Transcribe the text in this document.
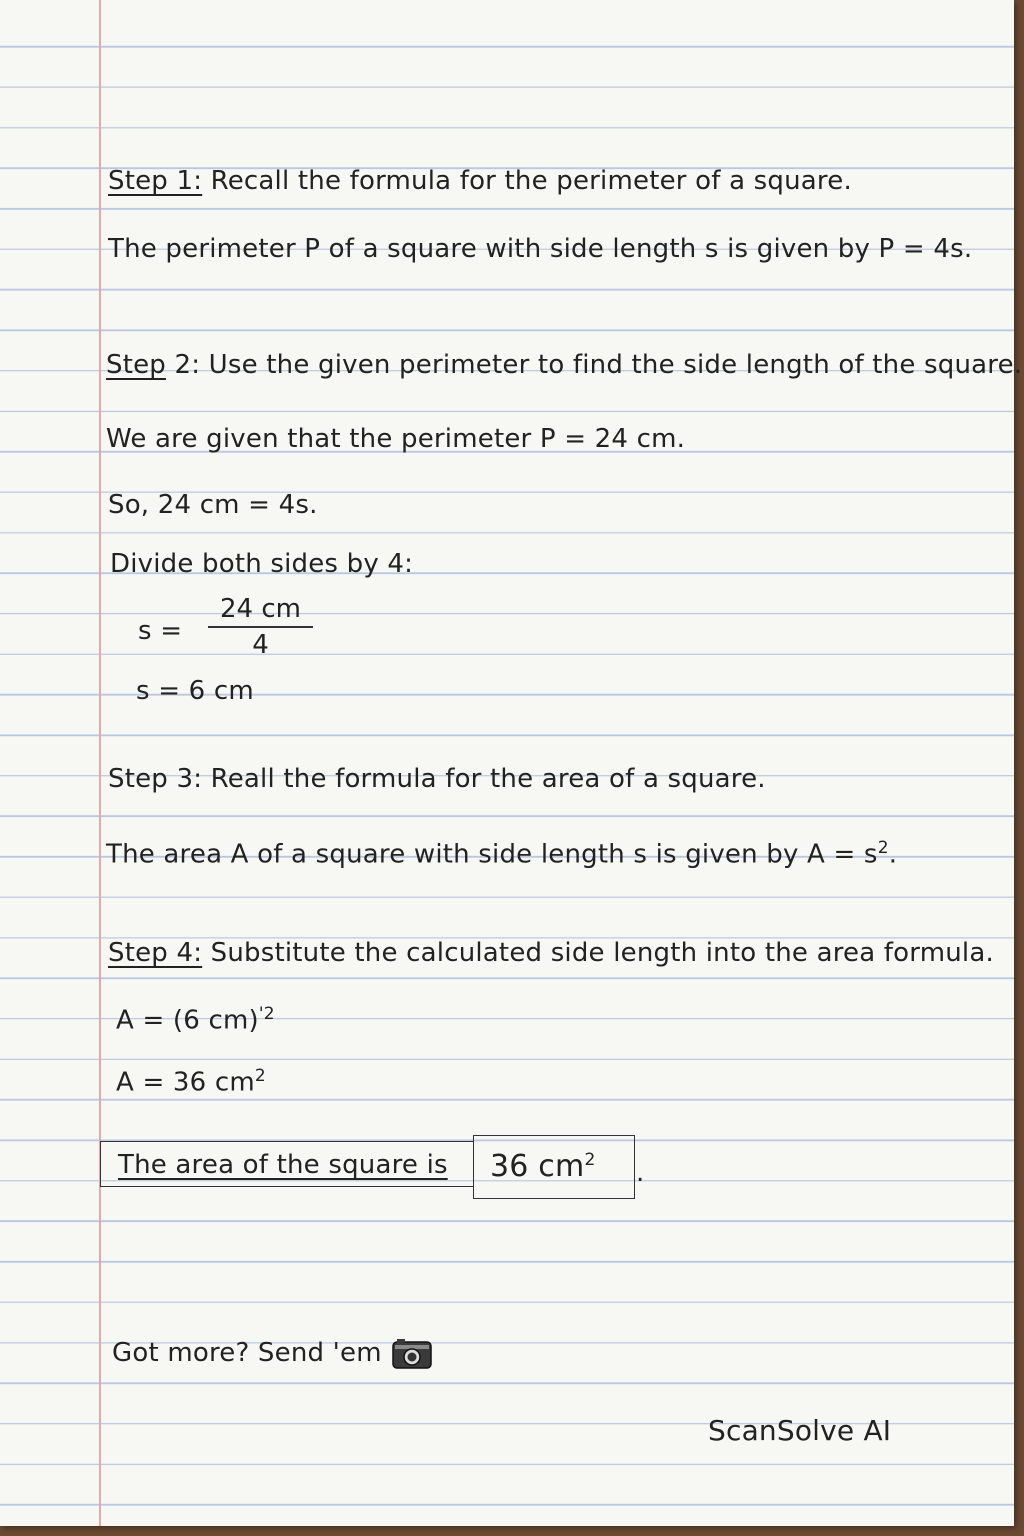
Step 1: Recall the formula for the perimeter of a square.
The perimeter P of a square with side length s is given by P = 4s.
Step 2: Use the given perimeter to find the side length of the square.
We are given that the perimeter P = 24 cm.
So, 24 cm = 4s.
Divide both sides by 4:
s =
24 cm
4
s = 6 cm
Step 3: Reall the formula for the area of a square.
The area A of a square with side length s is given by $A = s^2$.
Step 4: Substitute the calculated side length into the area formula.
A = (6 cm)$^{'2}$
A = 36 $cm^2$
The area of the square is 36 $cm^2$ .
Got more? Send 'em
ScanSolve AI
